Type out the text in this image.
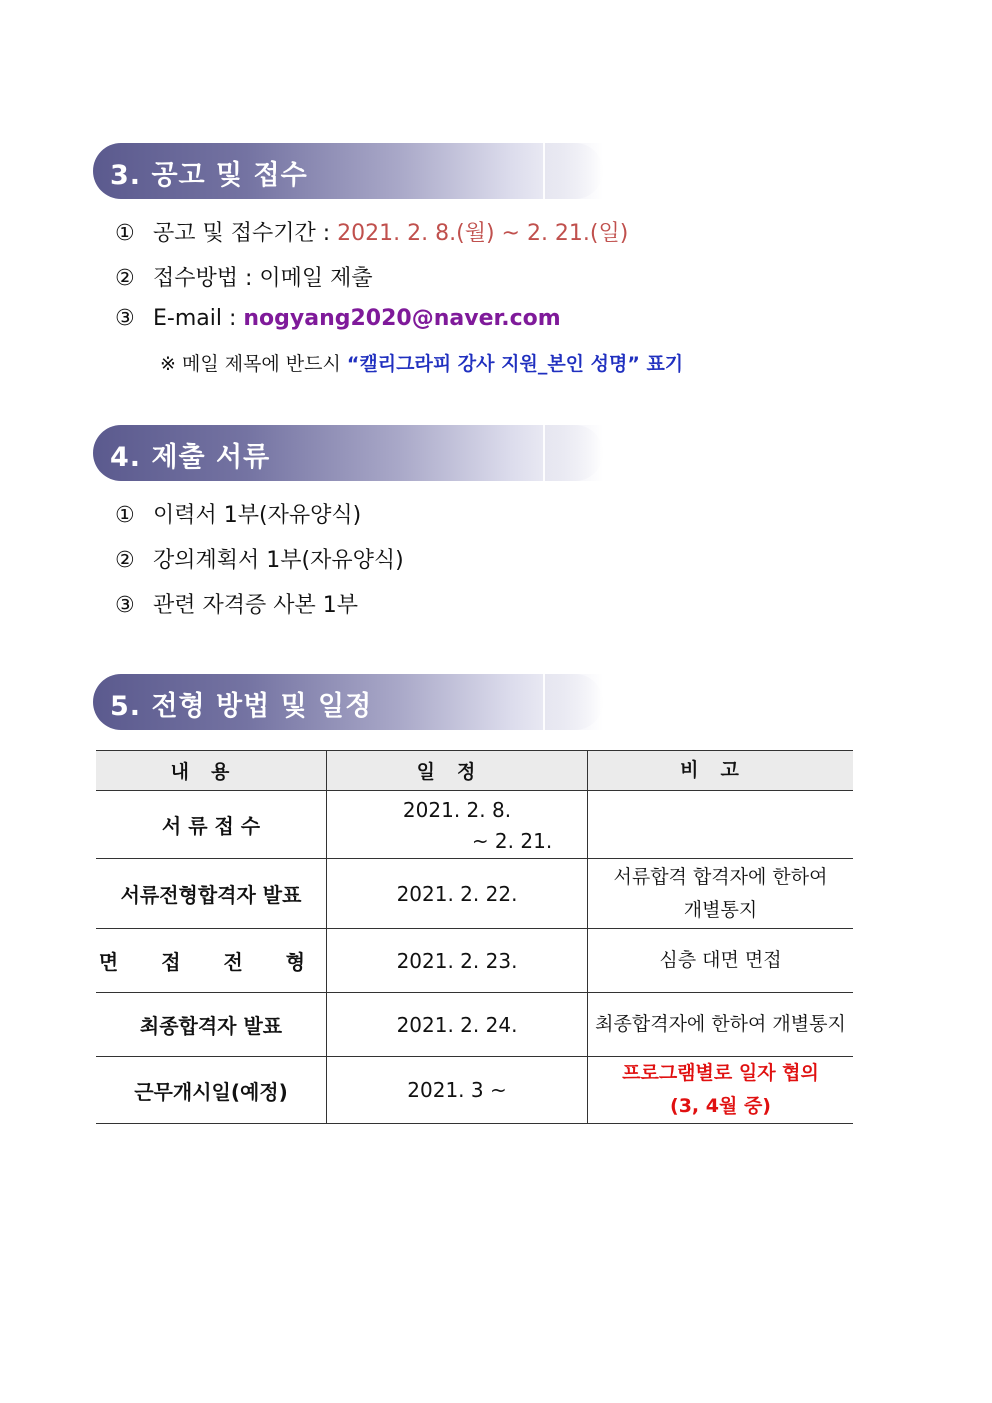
3. 공고 및 접수
① 공고 및 접수기간 : 2021. 2. 8.(월) ~ 2. 21.(일)
② 접수방법 : 이메일 제출
③ E-mail : nogyang2020@naver.com
※ 메일 제목에 반드시 “캘리그라피 강사 지원_본인 성명” 표기
4. 제출 서류
① 이력서 1부(자유양식)
② 강의계획서 1부(자유양식)
③ 관련 자격증 사본 1부
5. 전형 방법 및 일정
내용	일정	비고
서 류 접 수	2021. 2. 8.
~ 2. 21.	

서류전형합격자 발표	2021. 2. 22.	서류합격 합격자에 한하여
개별통지

면 접 전 형	2021. 2. 23.	심층 대면 면접
최종합격자 발표	2021. 2. 24.	최종합격자에 한하여 개별통지
근무개시일(예정)	2021. 3 ~	프로그램별로 일자 협의
(3, 4월 중)
